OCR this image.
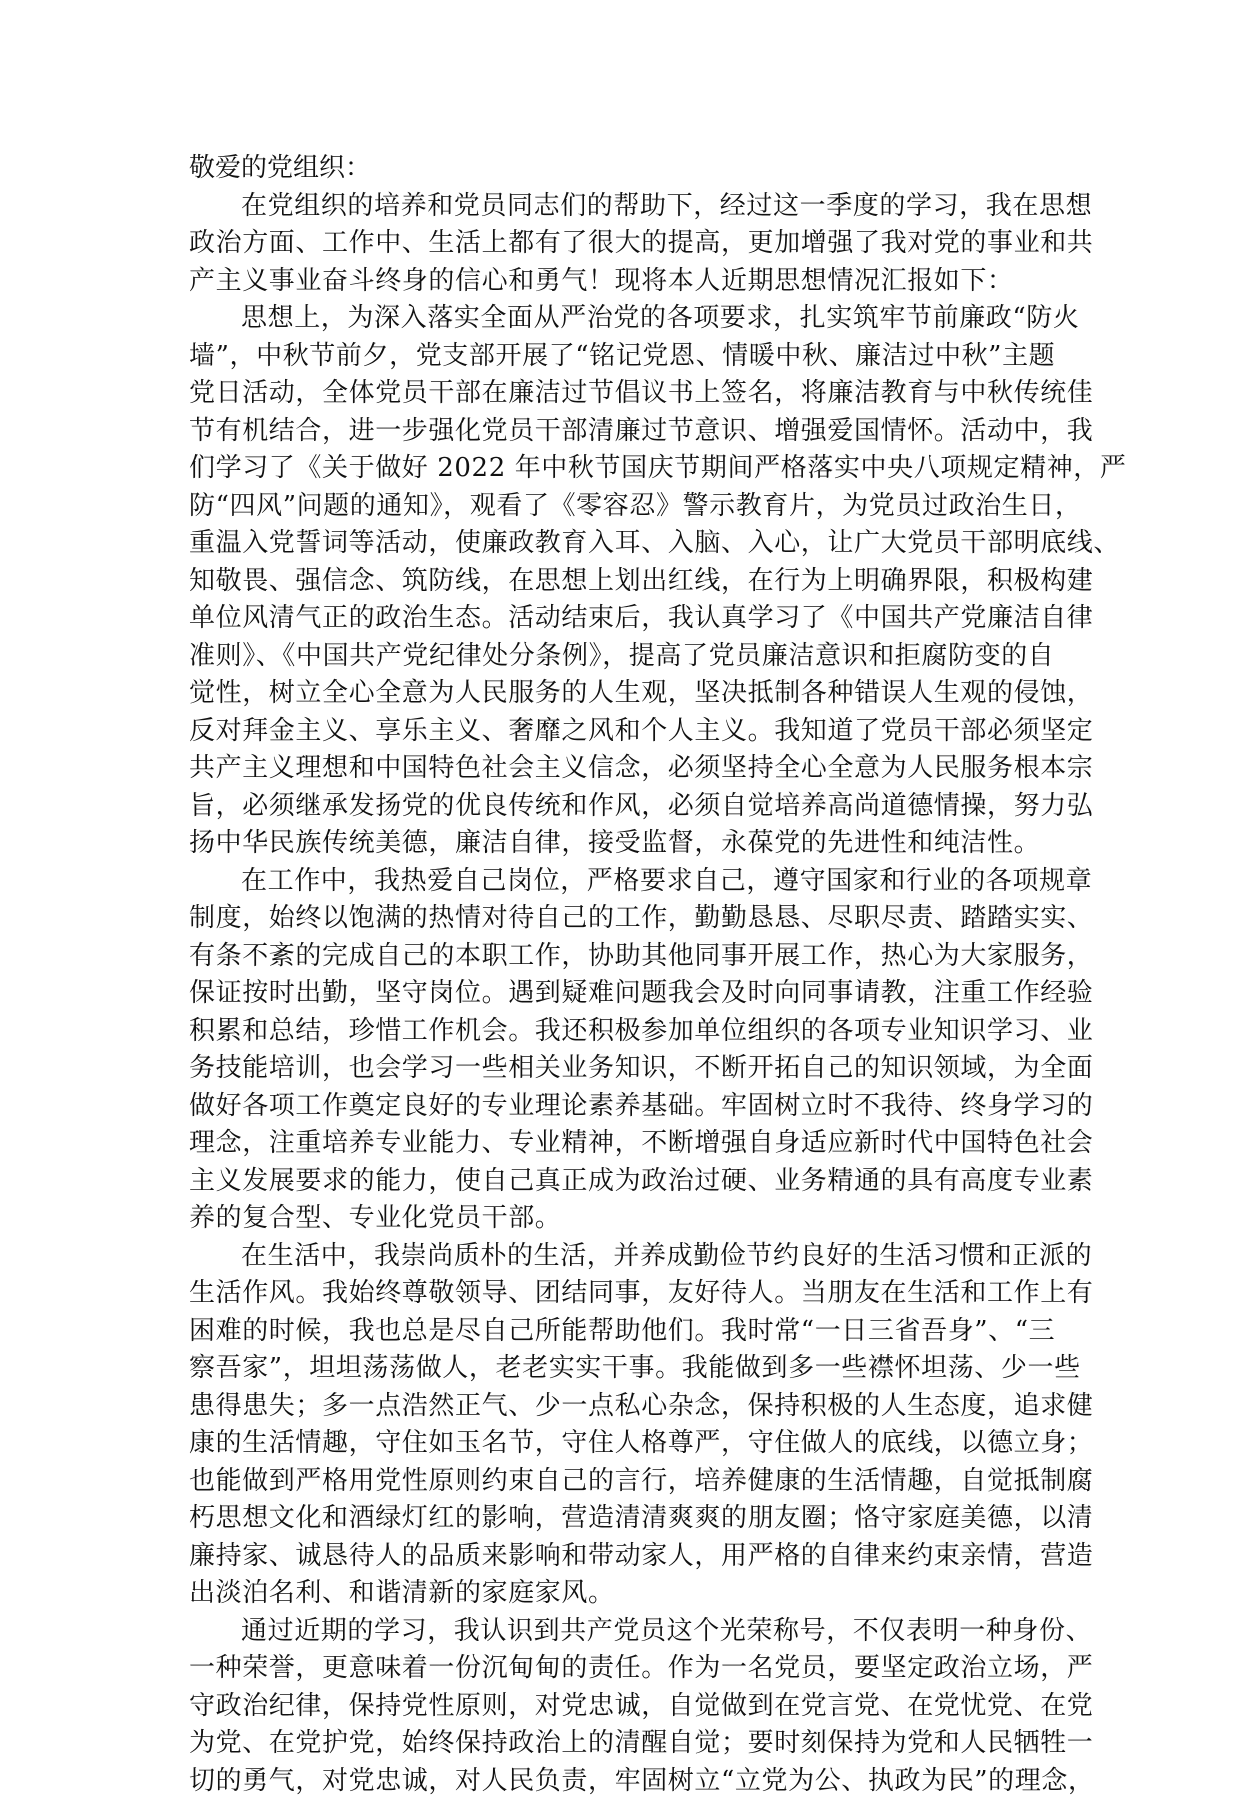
敬爱的党组织：

在党组织的培养和党员同志们的帮助下，经过这一季度的学习，我在思想
政治方面、工作中、生活上都有了很大的提高，更加增强了我对党的事业和共
产主义事业奋斗终身的信心和勇气！现将本人近期思想情况汇报如下：
思想上，为深入落实全面从严治党的各项要求，扎实筑牢节前廉政“防火
墙”，中秋节前夕，党支部开展了“铭记党恩、情暖中秋、廉洁过中秋”主题
党日活动，全体党员干部在廉洁过节倡议书上签名，将廉洁教育与中秋传统佳
节有机结合，进一步强化党员干部清廉过节意识、增强爱国情怀。活动中，我
们学习了《关于做好 2022 年中秋节国庆节期间严格落实中央八项规定精神，严
防“四风”问题的通知》，观看了《零容忍》警示教育片，为党员过政治生日，
重温入党誓词等活动，使廉政教育入耳、入脑、入心，让广大党员干部明底线、
知敬畏、强信念、筑防线，在思想上划出红线，在行为上明确界限，积极构建
单位风清气正的政治生态。活动结束后，我认真学习了《中国共产党廉洁自律
准则》、《中国共产党纪律处分条例》，提高了党员廉洁意识和拒腐防变的自
觉性，树立全心全意为人民服务的人生观，坚决抵制各种错误人生观的侵蚀，
反对拜金主义、享乐主义、奢靡之风和个人主义。我知道了党员干部必须坚定
共产主义理想和中国特色社会主义信念，必须坚持全心全意为人民服务根本宗
旨，必须继承发扬党的优良传统和作风，必须自觉培养高尚道德情操，努力弘
扬中华民族传统美德，廉洁自律，接受监督，永葆党的先进性和纯洁性。
在工作中，我热爱自己岗位，严格要求自己，遵守国家和行业的各项规章
制度，始终以饱满的热情对待自己的工作，勤勤恳恳、尽职尽责、踏踏实实、
有条不紊的完成自己的本职工作，协助其他同事开展工作，热心为大家服务，
保证按时出勤，坚守岗位。遇到疑难问题我会及时向同事请教，注重工作经验
积累和总结，珍惜工作机会。我还积极参加单位组织的各项专业知识学习、业
务技能培训，也会学习一些相关业务知识，不断开拓自己的知识领域，为全面
做好各项工作奠定良好的专业理论素养基础。牢固树立时不我待、终身学习的
理念，注重培养专业能力、专业精神，不断增强自身适应新时代中国特色社会
主义发展要求的能力，使自己真正成为政治过硬、业务精通的具有高度专业素
养的复合型、专业化党员干部。
在生活中，我崇尚质朴的生活，并养成勤俭节约良好的生活习惯和正派的
生活作风。我始终尊敬领导、团结同事，友好待人。当朋友在生活和工作上有
困难的时候，我也总是尽自己所能帮助他们。我时常“一日三省吾身”、“三
察吾家”，坦坦荡荡做人，老老实实干事。我能做到多一些襟怀坦荡、少一些
患得患失；多一点浩然正气、少一点私心杂念，保持积极的人生态度，追求健
康的生活情趣，守住如玉名节，守住人格尊严，守住做人的底线，以德立身；
也能做到严格用党性原则约束自己的言行，培养健康的生活情趣，自觉抵制腐
朽思想文化和酒绿灯红的影响，营造清清爽爽的朋友圈；恪守家庭美德，以清
廉持家、诚恳待人的品质来影响和带动家人，用严格的自律来约束亲情，营造
出淡泊名利、和谐清新的家庭家风。
通过近期的学习，我认识到共产党员这个光荣称号，不仅表明一种身份、
一种荣誉，更意味着一份沉甸甸的责任。作为一名党员，要坚定政治立场，严
守政治纪律，保持党性原则，对党忠诚，自觉做到在党言党、在党忧党、在党
为党、在党护党，始终保持政治上的清醒自觉；要时刻保持为党和人民牺牲一
切的勇气，对党忠诚，对人民负责，牢固树立“立党为公、执政为民”的理念，
